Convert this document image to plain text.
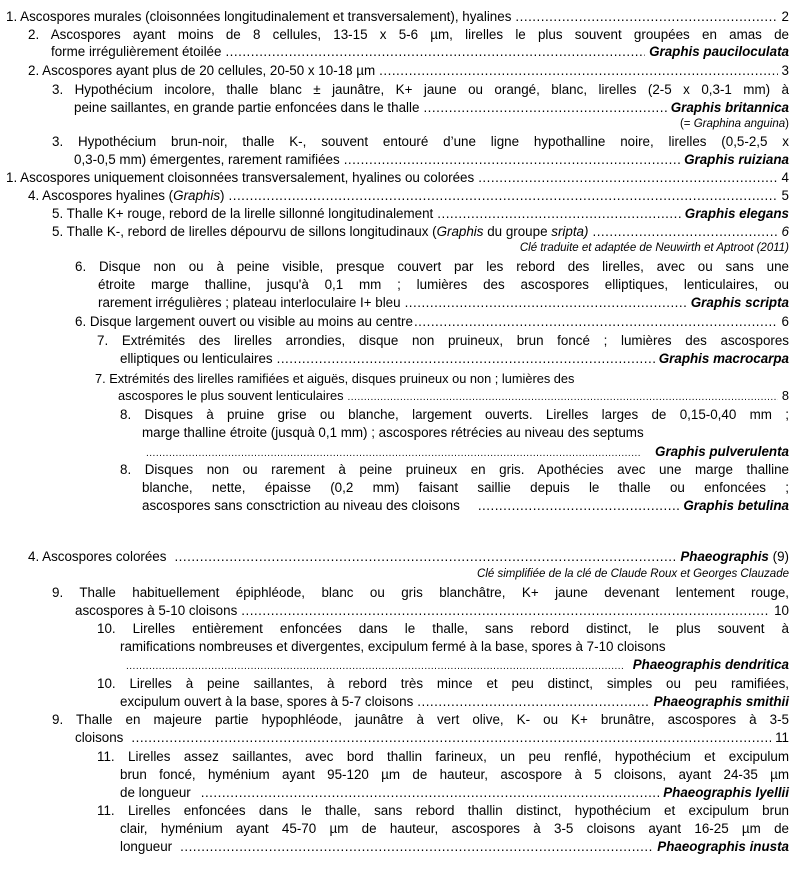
1. Ascospores murales (cloisonnées longitudinalement et transversalement), hyalines .....	2
2. Ascospores ayant moins de 8 cellules, 13-15 x 5-6 µm, lirelles le plus souvent groupées en amas de
forme irrégulièrement étoilée .....	Graphis pauciloculata
2. Ascospores ayant plus de 20 cellules, 20-50 x 10-18 µm .....	3
3. Hypothécium incolore, thalle blanc ± jaunâtre, K+ jaune ou orangé, blanc, lirelles (2-5 x 0,3-1 mm) à
peine saillantes, en grande partie enfoncées dans le thalle .....	Graphis britannica
(= Graphina anguina)
3. Hypothécium brun-noir, thalle K-, souvent entouré d’une ligne hypothalline noire, lirelles (0,5-2,5 x
0,3-0,5 mm) émergentes, rarement ramifiées .....	Graphis ruiziana
1. Ascospores uniquement cloisonnées transversalement, hyalines ou colorées .....	4
4. Ascospores hyalines (Graphis) .....	5
5. Thalle K+ rouge, rebord de la lirelle sillonné longitudinalement .....	Graphis elegans
5. Thalle K-, rebord de lirelles dépourvu de sillons longitudinaux (Graphis du groupe sripta) .....	6
Clé traduite et adaptée de Neuwirth et Aptroot (2011)
6. Disque non ou à peine visible, presque couvert par les rebord des lirelles, avec ou sans une
étroite marge thalline, jusqu'à 0,1 mm ; lumières des ascospores elliptiques, lenticulaires, ou
rarement irrégulières ; plateau interloculaire I+ bleu .....	Graphis scripta
6. Disque largement ouvert ou visible au moins au centre .....	6
7. Extrémités des lirelles arrondies, disque non pruineux, brun foncé ; lumières des ascospores
elliptiques ou lenticulaires .....	Graphis macrocarpa
7. Extrémités des lirelles ramifiées et aiguës, disques pruineux ou non ; lumières des
ascospores le plus souvent lenticulaires .....	8
8. Disques à pruine grise ou blanche, largement ouverts. Lirelles larges de 0,15-0,40 mm ;
marge thalline étroite (jusquà 0,1 mm) ; ascospores rétrécies au niveau des septums
.....
Graphis pulverulenta
8. Disques non ou rarement à peine pruineux en gris. Apothécies avec une marge thalline
blanche, nette, épaisse (0,2 mm) faisant saillie depuis le thalle ou enfoncées ;
ascospores sans consctriction au niveau des cloisons .....	Graphis betulina
4. Ascospores colorées .....	Phaeographis (9)
Clé simplifiée de la clé de Claude Roux et Georges Clauzade
9. Thalle habituellement épiphléode, blanc ou gris blanchâtre, K+ jaune devenant lentement rouge,
ascospores à 5-10 cloisons .....	10
10. Lirelles entièrement enfoncées dans le thalle, sans rebord distinct, le plus souvent à
ramifications nombreuses et divergentes, excipulum fermé à la base, spores à 7-10 cloisons
.....
Phaeographis dendritica
10. Lirelles à peine saillantes, à rebord très mince et peu distinct, simples ou peu ramifiées,
excipulum ouvert à la base, spores à 5-7 cloisons .....	Phaeographis smithii
9. Thalle en majeure partie hypophléode, jaunâtre à vert olive, K- ou K+ brunâtre, ascospores à 3-5
cloisons .....	11
11. Lirelles assez saillantes, avec bord thallin farineux, un peu renflé, hypothécium et excipulum
brun foncé, hyménium ayant 95-120 µm de hauteur, ascospore à 5 cloisons, ayant 24-35 µm
de longueur .....	Phaeographis lyellii
11. Lirelles enfoncées dans le thalle, sans rebord thallin distinct, hypothécium et excipulum brun
clair, hyménium ayant 45-70 µm de hauteur, ascospores à 3-5 cloisons ayant 16-25 µm de
longueur .....	Phaeographis inusta
